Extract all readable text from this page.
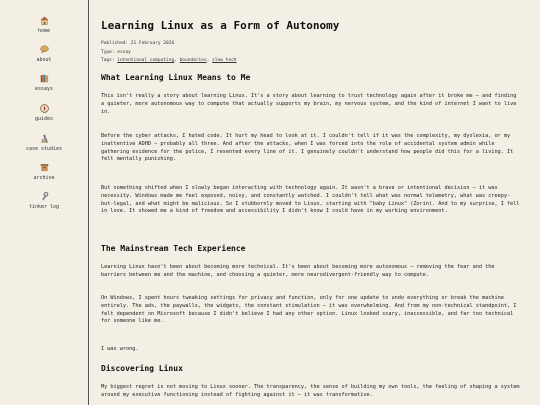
home
about
essays
guides
case studies
archive
tinker log
Learning Linux as a Form of Autonomy
Published: 21 February 2026
Type: essay
Tags: intentional computing, boundaries, slow tech
What Learning Linux Means to Me

This isn't really a story about learning Linux. It's a story about learning to trust technology again after it broke me — and finding a quieter, more autonomous way to compute that actually supports my brain, my nervous system, and the kind of internet I want to live in.

Before the cyber attacks, I hated code. It hurt my head to look at it. I couldn't tell if it was the complexity, my dyslexia, or my inattentive ADHD — probably all three. And after the attacks, when I was forced into the role of accidental system admin while gathering evidence for the police, I resented every line of it. I genuinely couldn't understand how people did this for a living. It felt mentally punishing.

But something shifted when I slowly began interacting with technology again. It wasn't a brave or intentional decision — it was necessity. Windows made me feel exposed, noisy, and constantly watched. I couldn't tell what was normal telemetry, what was creepy-but-legal, and what might be malicious. So I stubbornly moved to Linux, starting with "baby Linux" (Zorin). And to my surprise, I fell in love. It showed me a kind of freedom and accessibility I didn't know I could have in my working environment.

The Mainstream Tech Experience

Learning Linux hasn't been about becoming more technical. It's been about becoming more autonomous — removing the fear and the barriers between me and the machine, and choosing a quieter, more neurodivergent-friendly way to compute.

On Windows, I spent hours tweaking settings for privacy and function, only for one update to undo everything or break the machine entirely. The ads, the paywalls, the widgets, the constant stimulation — it was overwhelming. And from my non-technical standpoint, I felt dependent on Microsoft because I didn't believe I had any other option. Linux looked scary, inaccessible, and far too technical for someone like me.

I was wrong.

Discovering Linux

My biggest regret is not moving to Linux sooner. The transparency, the sense of building my own tools, the feeling of shaping a system around my executive functioning instead of fighting against it — it was transformative.
